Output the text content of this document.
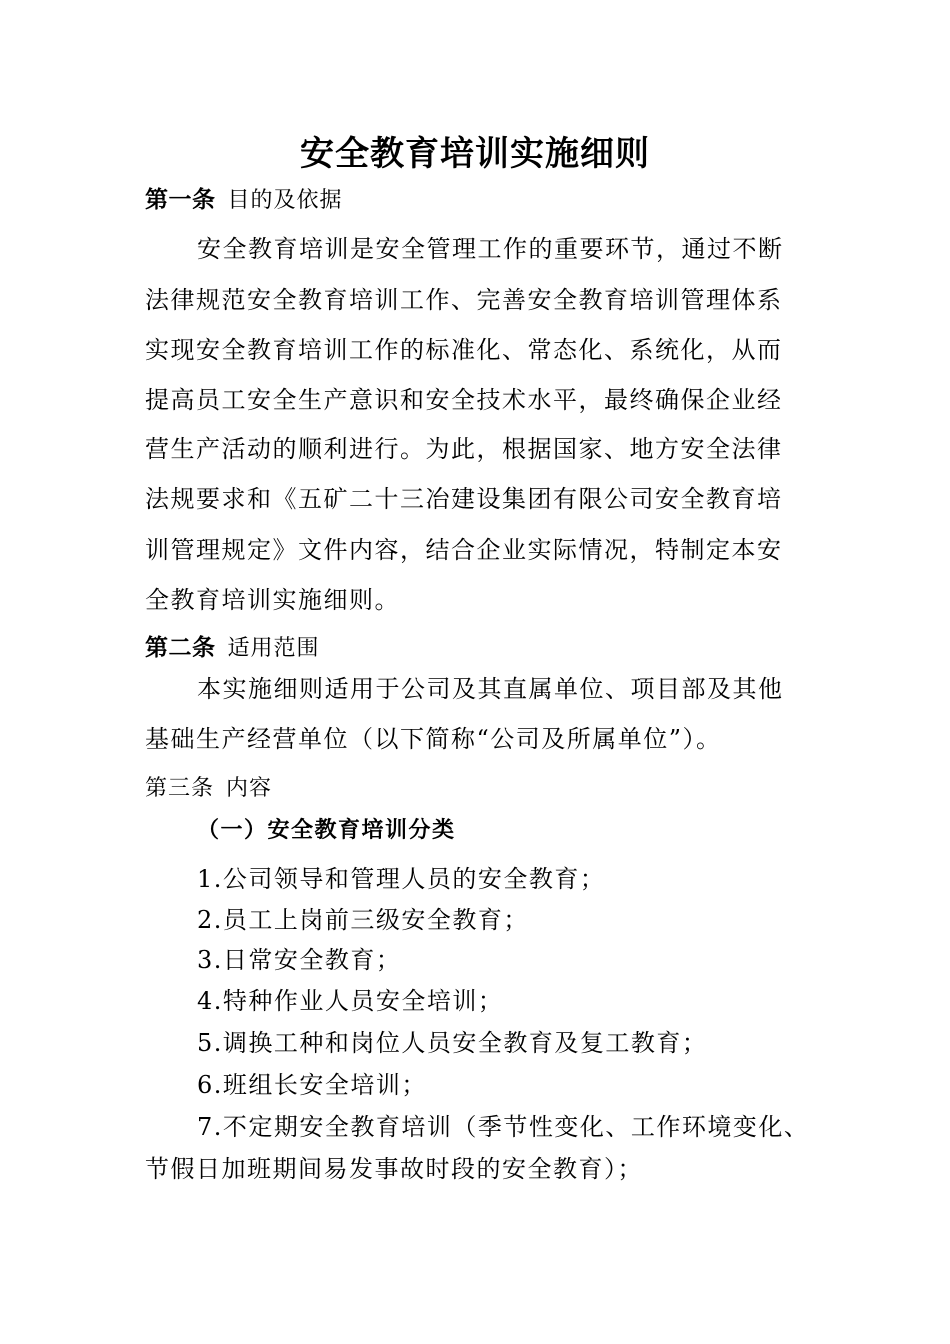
安全教育培训实施细则
第一条 目的及依据
安全教育培训是安全管理工作的重要环节，通过不断
法律规范安全教育培训工作、完善安全教育培训管理体系
实现安全教育培训工作的标准化、常态化、系统化，从而
提高员工安全生产意识和安全技术水平，最终确保企业经
营生产活动的顺利进行。为此，根据国家、地方安全法律
法规要求和《五矿二十三冶建设集团有限公司安全教育培
训管理规定》文件内容，结合企业实际情况，特制定本安
全教育培训实施细则。
第二条 适用范围
本实施细则适用于公司及其直属单位、项目部及其他
基础生产经营单位（以下简称“公司及所属单位”）。
第三条 内容
（一）安全教育培训分类
1.公司领导和管理人员的安全教育；
2.员工上岗前三级安全教育；
3.日常安全教育；
4.特种作业人员安全培训；
5.调换工种和岗位人员安全教育及复工教育；
6.班组长安全培训；
7.不定期安全教育培训（季节性变化、工作环境变化、
节假日加班期间易发事故时段的安全教育）；
